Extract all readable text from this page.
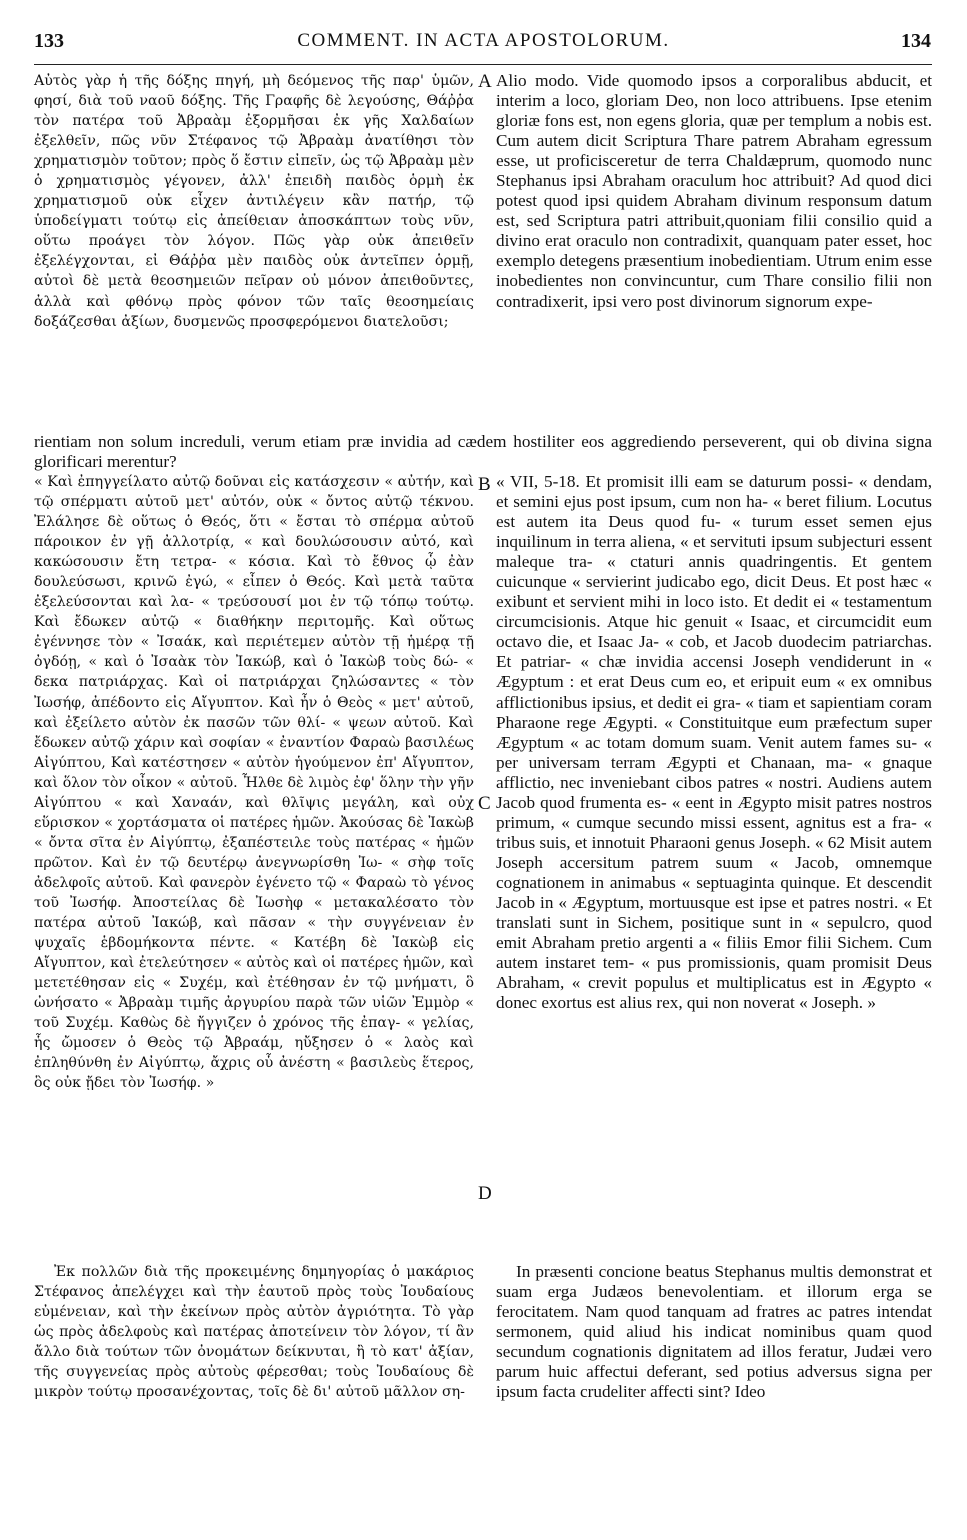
133	COMMENT. IN ACTA APOSTOLORUM.	134

Αὐτὸς γὰρ ἡ τῆς δόξης πηγή, μὴ δεόμενος τῆς παρ' ὑμῶν, φησί, διὰ τοῦ ναοῦ δόξης. Τῆς Γραφῆς δὲ λεγούσης, Θάῤῥα τὸν πατέρα τοῦ Ἀβραὰμ ἐξορμῆσαι ἐκ γῆς Χαλδαίων ἐξελθεῖν, πῶς νῦν Στέφανος τῷ Ἀβραὰμ ἀνατίθησι τὸν χρηματισμὸν τοῦτον; πρὸς ὅ ἔστιν εἰπεῖν, ὡς τῷ Ἀβραὰμ μὲν ὁ χρηματισμὸς γέγονεν, ἀλλ' ἐπειδὴ παιδὸς ὁρμὴ ἐκ χρηματισμοῦ οὐκ εἶχεν ἀντιλέγειν κἂν πατήρ, τῷ ὑποδείγματι τούτῳ εἰς ἀπείθειαν ἀποσκάπτων τοὺς νῦν, οὕτω προάγει τὸν λόγον. Πῶς γὰρ οὐκ ἀπειθεῖν ἐξελέγχονται, εἰ Θάῤῥα μὲν παιδὸς οὐκ ἀντεῖπεν ὁρμῇ, αὐτοὶ δὲ μετὰ θεοσημειῶν πεῖραν οὐ μόνον ἀπειθοῦντες, ἀλλὰ καὶ φθόνῳ πρὸς φόνον τῶν ταῖς θεοσημείαις δοξάζεσθαι ἀξίων, δυσμενῶς προσφερόμενοι διατελοῦσι;

A Alio modo. Vide quomodo ipsos a corporalibus abducit, et interim a loco, gloriam Deo, non loco attribuens. Ipse etenim gloriæ fons est, non egens gloria, quæ per templum a nobis est. Cum autem dicit Scriptura Thare patrem Abraham egressum esse, ut proficisceretur de terra Chaldæprum, quomodo nunc Stephanus ipsi Abraham oraculum hoc attribuit? Ad quod dici potest quod ipsi quidem Abraham divinum responsum datum est, sed Scriptura patri attribuit,quoniam filii consilio quid a divino erat oraculo non contradixit, quanquam pater esset, hoc exemplo detegens præsentium inobedientiam. Utrum enim esse inobedientes non convincuntur, cum Thare consilio filii non contradixerit, ipsi vero post divinorum signorum expe-

rientiam non solum increduli, verum etiam præ invidia ad cædem hostiliter eos aggrediendo perseverent, qui ob divina signa glorificari merentur?

« Καὶ ἐπηγγείλατο αὐτῷ δοῦναι εἰς κατάσχεσιν « αὐτήν, καὶ τῷ σπέρματι αὐτοῦ μετ' αὐτόν, οὐκ « ὄντος αὐτῷ τέκνου. Ἐλάλησε δὲ οὕτως ὁ Θεός, ὅτι « ἔσται τὸ σπέρμα αὐτοῦ πάροικον ἐν γῇ ἀλλοτρίᾳ, « καὶ δουλώσουσιν αὐτό, καὶ κακώσουσιν ἔτη τετρα- « κόσια. Καὶ τὸ ἔθνος ᾧ ἐὰν δουλεύσωσι, κρινῶ ἐγώ, « εἶπεν ὁ Θεός. Καὶ μετὰ ταῦτα ἐξελεύσονται καὶ λα- « τρεύσουσί μοι ἐν τῷ τόπῳ τούτῳ. Καὶ ἔδωκεν αὐτῷ « διαθήκην περιτομῆς. Καὶ οὕτως ἐγέννησε τὸν « Ἰσαάκ, καὶ περιέτεμεν αὐτὸν τῇ ἡμέρᾳ τῇ ὀγδόῃ, « καὶ ὁ Ἰσαὰκ τὸν Ἰακώβ, καὶ ὁ Ἰακὼβ τοὺς δώ- « δεκα πατριάρχας. Καὶ οἱ πατριάρχαι ζηλώσαντες « τὸν Ἰωσήφ, ἀπέδοντο εἰς Αἴγυπτον. Καὶ ἦν ὁ Θεὸς « μετ' αὐτοῦ, καὶ ἐξείλετο αὐτὸν ἐκ πασῶν τῶν θλί- « ψεων αὐτοῦ. Καὶ ἔδωκεν αὐτῷ χάριν καὶ σοφίαν « ἐναντίον Φαραὼ βασιλέως Αἰγύπτου, Καὶ κατέστησεν « αὐτὸν ἡγούμενον ἐπ' Αἴγυπτον, καὶ ὅλον τὸν οἶκον « αὐτοῦ. Ἦλθε δὲ λιμὸς ἐφ' ὅλην τὴν γῆν Αἰγύπτου « καὶ Χαναάν, καὶ θλῖψις μεγάλη, καὶ οὐχ εὕρισκον « χορτάσματα οἱ πατέρες ἡμῶν. Ἀκούσας δὲ Ἰακὼβ « ὄντα σῖτα ἐν Αἰγύπτῳ, ἐξαπέστειλε τοὺς πατέρας « ἡμῶν πρῶτον. Καὶ ἐν τῷ δευτέρῳ ἀνεγνωρίσθη Ἰω- « σὴφ τοῖς ἀδελφοῖς αὐτοῦ. Καὶ φανερὸν ἐγένετο τῷ « Φαραὼ τὸ γένος τοῦ Ἰωσήφ. Ἀποστείλας δὲ Ἰωσὴφ « μετακαλέσατο τὸν πατέρα αὐτοῦ Ἰακώβ, καὶ πᾶσαν « τὴν συγγένειαν ἐν ψυχαῖς ἑβδομήκοντα πέντε. « Κατέβη δὲ Ἰακὼβ εἰς Αἴγυπτον, καὶ ἐτελεύτησεν « αὐτὸς καὶ οἱ πατέρες ἡμῶν, καὶ μετετέθησαν εἰς « Συχέμ, καὶ ἐτέθησαν ἐν τῷ μνήματι, ὃ ὠνήσατο « Ἀβραὰμ τιμῆς ἀργυρίου παρὰ τῶν υἱῶν Ἐμμὸρ « τοῦ Συχέμ. Καθὼς δὲ ἤγγιζεν ὁ χρόνος τῆς ἐπαγ- « γελίας, ἧς ὤμοσεν ὁ Θεὸς τῷ Ἀβραάμ, ηὔξησεν ὁ « λαὸς καὶ ἐπληθύνθη ἐν Αἰγύπτῳ, ἄχρις οὗ ἀνέστη « βασιλεὺς ἕτερος, ὃς οὐκ ᾔδει τὸν Ἰωσήφ. »

B
C
D

« VII, 5-18. Et promisit illi eam se daturum possi- « dendam, et semini ejus post ipsum, cum non ha- « beret filium. Locutus est autem ita Deus quod fu- « turum esset semen ejus inquilinum in terra aliena, « et servituti ipsum subjecturi essent maleque tra- « ctaturi annis quadringentis. Et gentem cuicunque « servierint judicabo ego, dicit Deus. Et post hæc « exibunt et servient mihi in loco isto. Et dedit ei « testamentum circumcisionis. Atque hic genuit « Isaac, et circumcidit eum octavo die, et Isaac Ja- « cob, et Jacob duodecim patriarchas. Et patriar- « chæ invidia accensi Joseph vendiderunt in « Ægyptum : et erat Deus cum eo, et eripuit eum « ex omnibus afflictionibus ipsius, et dedit ei gra- « tiam et sapientiam coram Pharaone rege Ægypti. « Constituitque eum præfectum super Ægyptum « ac totam domum suam. Venit autem fames su- « per universam terram Ægypti et Chanaan, ma- « gnaque afflictio, nec inveniebant cibos patres « nostri. Audiens autem Jacob quod frumenta es- « eent in Ægypto misit patres nostros primum, « cumque secundo missi essent, agnitus est a fra- « tribus suis, et innotuit Pharaoni genus Joseph. « 62 Misit autem Joseph accersitum patrem suum « Jacob, omnemque cognationem in animabus « septuaginta quinque. Et descendit Jacob in « Ægyptum, mortuusque est ipse et patres nostri. « Et translati sunt in Sichem, positique sunt in « sepulcro, quod emit Abraham pretio argenti a « filiis Emor filii Sichem. Cum autem instaret tem- « pus promissionis, quam promisit Deus Abraham, « crevit populus et multiplicatus est in Ægypto « donec exortus est alius rex, qui non noverat « Joseph. »

Ἐκ πολλῶν διὰ τῆς προκειμένης δημηγορίας ὁ μακάριος Στέφανος ἀπελέγχει καὶ τὴν ἑαυτοῦ πρὸς τοὺς Ἰουδαίους εὐμένειαν, καὶ τὴν ἐκείνων πρὸς αὐτὸν ἀγριότητα. Τὸ γὰρ ὡς πρὸς ἀδελφοὺς καὶ πατέρας ἀποτείνειν τὸν λόγον, τί ἂν ἄλλο διὰ τούτων τῶν ὀνομάτων δείκνυται, ἢ τὸ κατ' ἀξίαν, τῆς συγγενείας πρὸς αὐτοὺς φέρεσθαι; τοὺς Ἰουδαίους δὲ μικρὸν τούτῳ προσανέχοντας, τοῖς δὲ δι' αὐτοῦ μᾶλλον ση-

In præsenti concione beatus Stephanus multis demonstrat et suam erga Judæos benevolentiam. et illorum erga se ferocitatem. Nam quod tanquam ad fratres ac patres intendat sermonem, quid aliud his indicat nominibus quam quod secundum cognationis dignitatem ad illos feratur, Judæi vero parum huic affectui deferant, sed potius adversus signa per ipsum facta crudeliter affecti sint? Ideo
